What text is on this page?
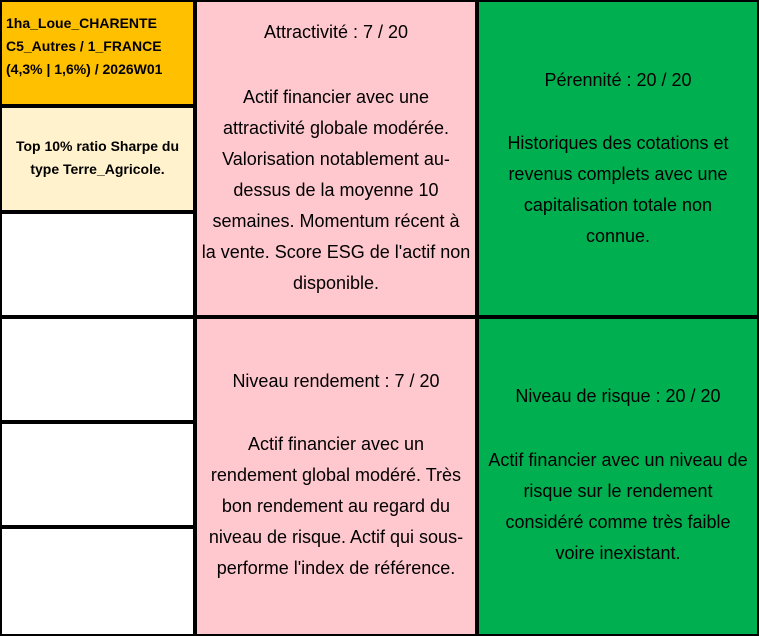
1ha_Loue_CHARENTE
C5_Autres / 1_FRANCE
(4,3% | 1,6%) / 2026W01
Top 10% ratio Sharpe du
type Terre_Agricole.
Attractivité : 7 / 20
Actif financier avec une
attractivité globale modérée.
Valorisation notablement au-
dessus de la moyenne 10
semaines. Momentum récent à
la vente. Score ESG de l'actif non
disponible.
Pérennité : 20 / 20
Historiques des cotations et
revenus complets avec une
capitalisation totale non
connue.
Niveau rendement : 7 / 20
Actif financier avec un
rendement global modéré. Très
bon rendement au regard du
niveau de risque. Actif qui sous-
performe l'index de référence.
Niveau de risque : 20 / 20
Actif financier avec un niveau de
risque sur le rendement
considéré comme très faible
voire inexistant.
